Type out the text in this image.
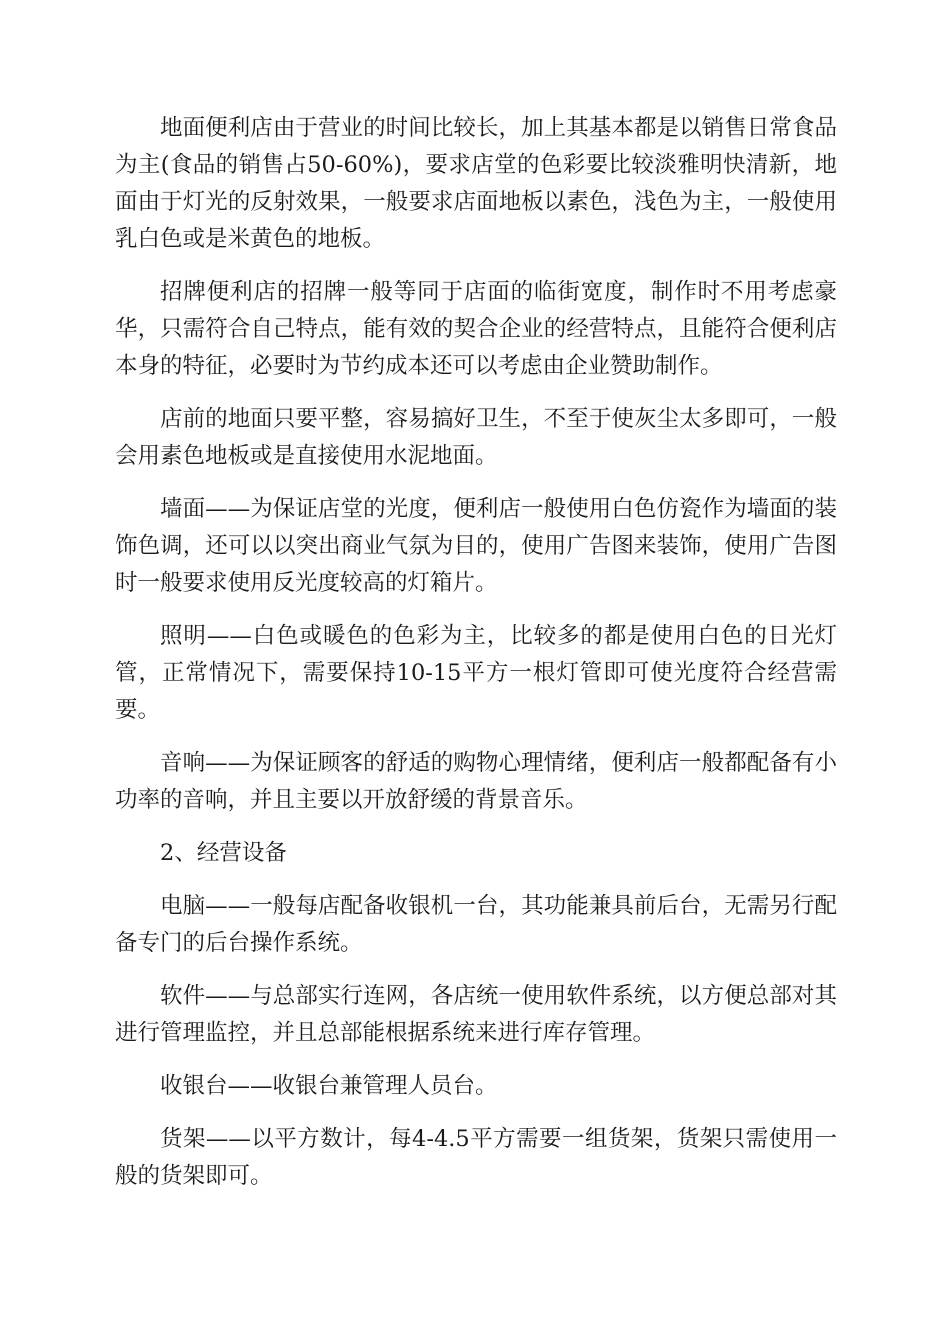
地面便利店由于营业的时间比较长，加上其基本都是以销售日常食品为主(食品的销售占50-60%)，要求店堂的色彩要比较淡雅明快清新，地面由于灯光的反射效果，一般要求店面地板以素色，浅色为主，一般使用乳白色或是米黄色的地板。

招牌便利店的招牌一般等同于店面的临街宽度，制作时不用考虑豪华，只需符合自己特点，能有效的契合企业的经营特点，且能符合便利店本身的特征，必要时为节约成本还可以考虑由企业赞助制作。

店前的地面只要平整，容易搞好卫生，不至于使灰尘太多即可，一般会用素色地板或是直接使用水泥地面。

墙面——为保证店堂的光度，便利店一般使用白色仿瓷作为墙面的装饰色调，还可以以突出商业气氛为目的，使用广告图来装饰，使用广告图时一般要求使用反光度较高的灯箱片。

照明——白色或暖色的色彩为主，比较多的都是使用白色的日光灯管，正常情况下，需要保持10-15平方一根灯管即可使光度符合经营需要。

音响——为保证顾客的舒适的购物心理情绪，便利店一般都配备有小功率的音响，并且主要以开放舒缓的背景音乐。

2、经营设备

电脑——一般每店配备收银机一台，其功能兼具前后台，无需另行配备专门的后台操作系统。

软件——与总部实行连网，各店统一使用软件系统，以方便总部对其进行管理监控，并且总部能根据系统来进行库存管理。

收银台——收银台兼管理人员台。

货架——以平方数计，每4-4.5平方需要一组货架，货架只需使用一般的货架即可。
